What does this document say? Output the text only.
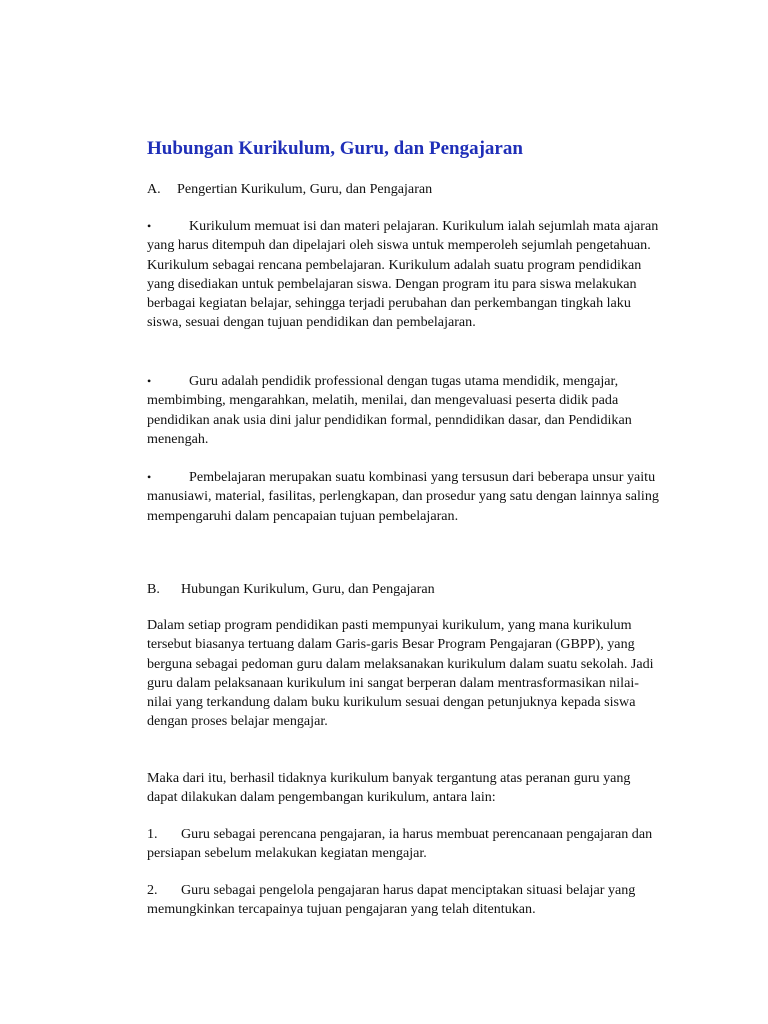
Hubungan Kurikulum, Guru, dan Pengajaran

A. Pengertian Kurikulum, Guru, dan Pengajaran

•	Kurikulum memuat isi dan materi pelajaran. Kurikulum ialah sejumlah mata ajaran yang harus ditempuh dan dipelajari oleh siswa untuk memperoleh sejumlah pengetahuan. Kurikulum sebagai rencana pembelajaran. Kurikulum adalah suatu program pendidikan yang disediakan untuk pembelajaran siswa. Dengan program itu para siswa melakukan berbagai kegiatan belajar, sehingga terjadi perubahan dan perkembangan tingkah laku siswa, sesuai dengan tujuan pendidikan dan pembelajaran.

•	Guru adalah pendidik professional dengan tugas utama mendidik, mengajar, membimbing, mengarahkan, melatih, menilai, dan mengevaluasi peserta didik pada pendidikan anak usia dini jalur pendidikan formal, penndidikan dasar, dan Pendidikan menengah.

•	Pembelajaran merupakan suatu kombinasi yang tersusun dari beberapa unsur yaitu manusiawi, material, fasilitas, perlengkapan, dan prosedur yang satu dengan lainnya saling mempengaruhi dalam pencapaian tujuan pembelajaran.

B. Hubungan Kurikulum, Guru, dan Pengajaran

Dalam setiap program pendidikan pasti mempunyai kurikulum, yang mana kurikulum tersebut biasanya tertuang dalam Garis-garis Besar Program Pengajaran (GBPP), yang berguna sebagai pedoman guru dalam melaksanakan kurikulum dalam suatu sekolah. Jadi guru dalam pelaksanaan kurikulum ini sangat berperan dalam mentrasformasikan nilai-nilai yang terkandung dalam buku kurikulum sesuai dengan petunjuknya kepada siswa dengan proses belajar mengajar.

Maka dari itu, berhasil tidaknya kurikulum banyak tergantung atas peranan guru yang dapat dilakukan dalam pengembangan kurikulum, antara lain:

1. Guru sebagai perencana pengajaran, ia harus membuat perencanaan pengajaran dan persiapan sebelum melakukan kegiatan mengajar.

2. Guru sebagai pengelola pengajaran harus dapat menciptakan situasi belajar yang memungkinkan tercapainya tujuan pengajaran yang telah ditentukan.
